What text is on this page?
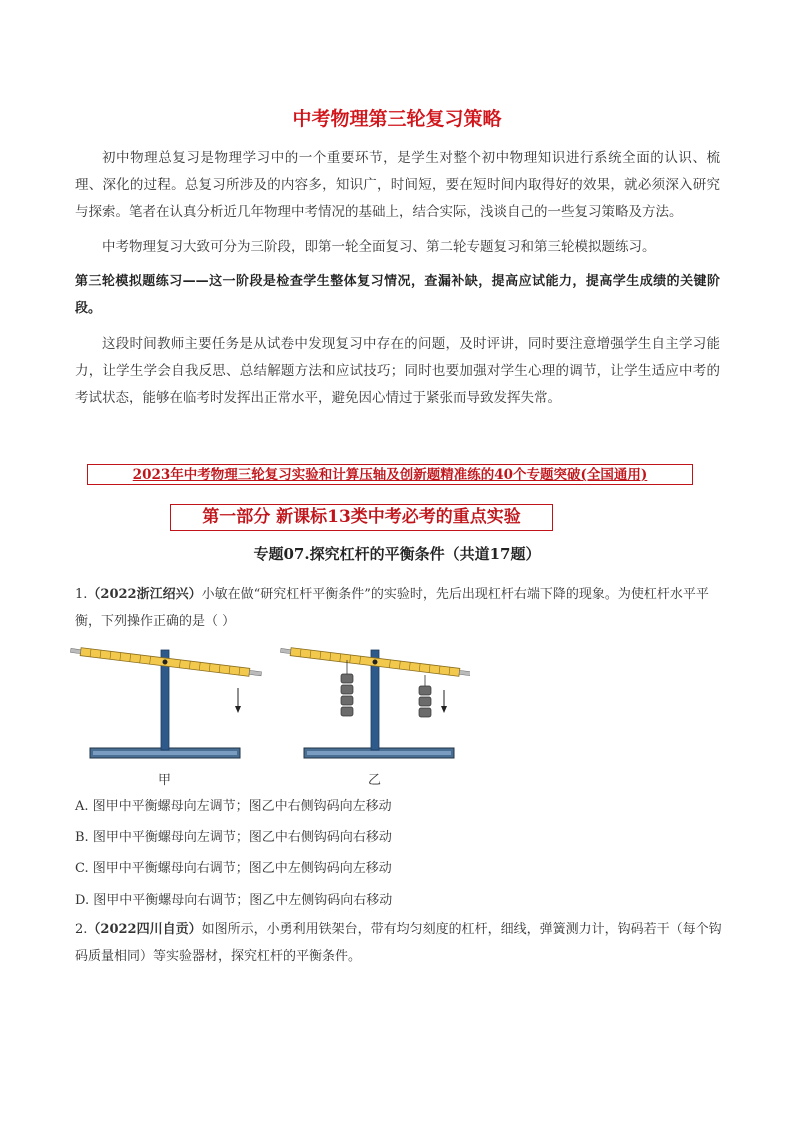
中考物理第三轮复习策略
初中物理总复习是物理学习中的一个重要环节，是学生对整个初中物理知识进行系统全面的认识、梳理、深化的过程。总复习所涉及的内容多，知识广，时间短，要在短时间内取得好的效果，就必须深入研究与探索。笔者在认真分析近几年物理中考情况的基础上，结合实际，浅谈自己的一些复习策略及方法。
中考物理复习大致可分为三阶段，即第一轮全面复习、第二轮专题复习和第三轮模拟题练习。
第三轮模拟题练习——这一阶段是检查学生整体复习情况，查漏补缺，提高应试能力，提高学生成绩的关键阶段。
这段时间教师主要任务是从试卷中发现复习中存在的问题，及时评讲，同时要注意增强学生自主学习能力，让学生学会自我反思、总结解题方法和应试技巧；同时也要加强对学生心理的调节，让学生适应中考的考试状态，能够在临考时发挥出正常水平，避免因心情过于紧张而导致发挥失常。
2023年中考物理三轮复习实验和计算压轴及创新题精准练的40个专题突破(全国通用)
第一部分 新课标13类中考必考的重点实验
专题07.探究杠杆的平衡条件（共道17题）
1.（2022浙江绍兴）小敏在做“研究杠杆平衡条件”的实验时，先后出现杠杆右端下降的现象。为使杠杆水平平衡，下列操作正确的是（ ）
甲	乙
A. 图甲中平衡螺母向左调节；图乙中右侧钩码向左移动
B. 图甲中平衡螺母向左调节；图乙中右侧钩码向右移动
C. 图甲中平衡螺母向右调节；图乙中左侧钩码向左移动
D. 图甲中平衡螺母向右调节；图乙中左侧钩码向右移动
2.（2022四川自贡）如图所示，小勇利用铁架台，带有均匀刻度的杠杆，细线，弹簧测力计，钩码若干（每个钩码质量相同）等实验器材，探究杠杆的平衡条件。
